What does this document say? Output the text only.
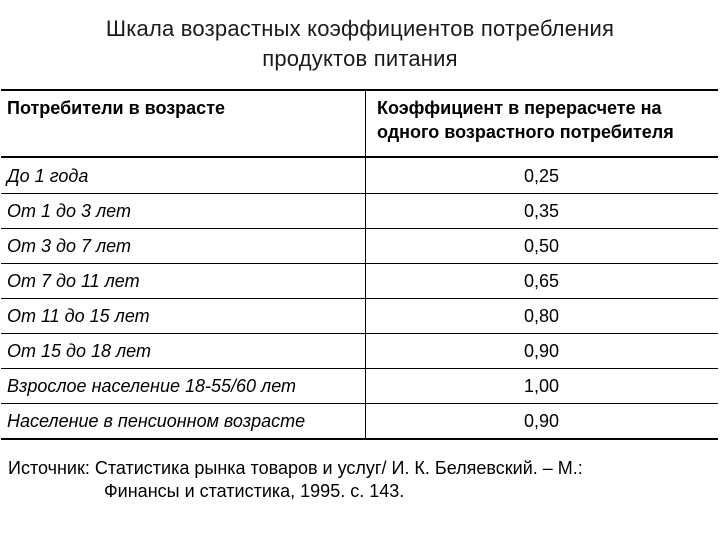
Шкала возрастных коэффициентов потребления
продуктов питания
Потребители в возрасте	Коэффициент в перерасчете на
одного возрастного потребителя
До 1 года	0,25
От 1 до 3 лет	0,35
От 3 до 7 лет	0,50
От 7 до 11 лет	0,65
От 11 до 15 лет	0,80
От 15 до 18 лет	0,90
Взрослое население 18-55/60 лет	1,00
Население в пенсионном возрасте	0,90
Источник: Статистика рынка товаров и услуг/ И. К. Беляевский. – М.:
Финансы и статистика, 1995. с. 143.
